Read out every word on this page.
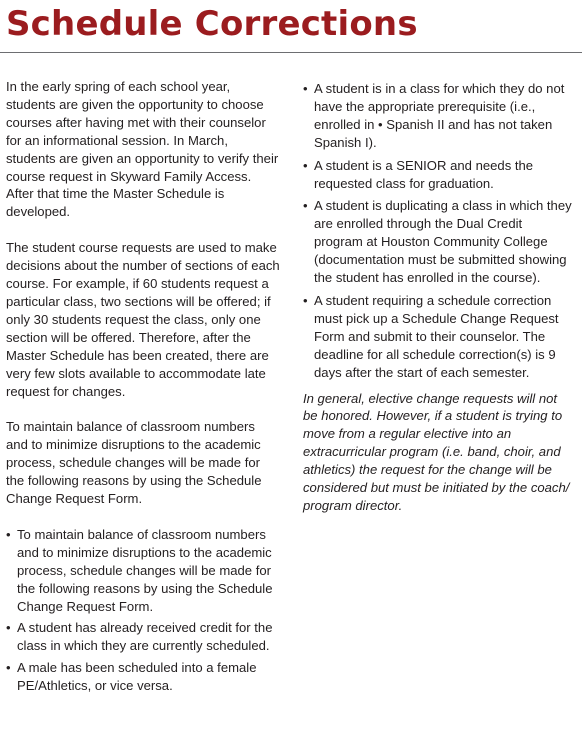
Schedule Corrections

In the early spring of each school year, students are given the opportunity to choose courses after having met with their counselor for an informational session. In March, students are given an opportunity to verify their course request in Skyward Family Access. After that time the Master Schedule is developed.

The student course requests are used to make decisions about the number of sections of each course. For example, if 60 students request a particular class, two sections will be offered; if only 30 students request the class, only one section will be offered. Therefore, after the Master Schedule has been created, there are very few slots available to accommodate late request for changes.

To maintain balance of classroom numbers and to minimize disruptions to the academic process, schedule changes will be made for the following reasons by using the Schedule Change Request Form.

• To maintain balance of classroom numbers and to minimize disruptions to the academic process, schedule changes will be made for the following reasons by using the Schedule Change Request Form.
• A student has already received credit for the class in which they are currently scheduled.
• A male has been scheduled into a female PE/Athletics, or vice versa.
• A student is in a class for which they do not have the appropriate prerequisite (i.e., enrolled in • Spanish II and has not taken Spanish I).
• A student is a SENIOR and needs the requested class for graduation.
• A student is duplicating a class in which they are enrolled through the Dual Credit program at Houston Community College (documentation must be submitted showing the student has enrolled in the course).
• A student requiring a schedule correction must pick up a Schedule Change Request Form and submit to their counselor. The deadline for all schedule correction(s) is 9 days after the start of each semester.

In general, elective change requests will not be honored. However, if a student is trying to move from a regular elective into an extracurricular program (i.e. band, choir, and athletics) the request for the change will be considered but must be initiated by the coach/ program director.
